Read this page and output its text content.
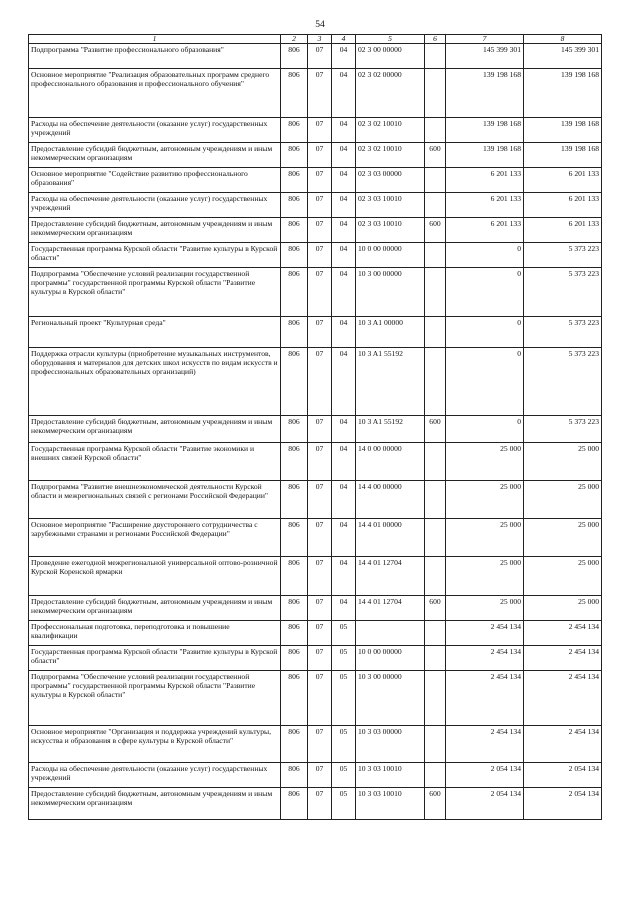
54
1	2	3	4	5	6	7	8
Подпрограмма "Развитие профессионального образования"	806	07	04	02 3 00 00000		145 399 301	145 399 301
Основное мероприятие "Реализация образовательных программ среднего профессионального образования и профессионального обучения"	806	07	04	02 3 02 00000		139 198 168	139 198 168
Расходы на обеспечение деятельности (оказание услуг) государственных учреждений	806	07	04	02 3 02 10010		139 198 168	139 198 168
Предоставление субсидий бюджетным, автономным учреждениям и иным некоммерческим организациям	806	07	04	02 3 02 10010	600	139 198 168	139 198 168
Основное мероприятие "Содействие развитию профессионального образования"	806	07	04	02 3 03 00000		6 201 133	6 201 133
Расходы на обеспечение деятельности (оказание услуг) государственных учреждений	806	07	04	02 3 03 10010		6 201 133	6 201 133
Предоставление субсидий бюджетным, автономным учреждениям и иным некоммерческим организациям	806	07	04	02 3 03 10010	600	6 201 133	6 201 133
Государственная программа Курской области "Развитие культуры в Курской области"	806	07	04	10 0 00 00000		0	5 373 223
Подпрограмма "Обеспечение условий реализации государственной программы" государственной программы Курской области "Развитие культуры в Курской области"	806	07	04	10 3 00 00000		0	5 373 223
Региональный проект "Культурная среда"	806	07	04	10 3 A1 00000		0	5 373 223
Поддержка отрасли культуры (приобретение музыкальных инструментов, оборудования и материалов для детских школ искусств по видам искусств и профессиональных образовательных организаций)	806	07	04	10 3 A1 55192		0	5 373 223
Предоставление субсидий бюджетным, автономным учреждениям и иным некоммерческим организациям	806	07	04	10 3 A1 55192	600	0	5 373 223
Государственная программа Курской области "Развитие экономики и внешних связей Курской области"	806	07	04	14 0 00 00000		25 000	25 000
Подпрограмма "Развитие внешнеэкономической деятельности Курской области и межрегиональных связей с регионами Российской Федерации"	806	07	04	14 4 00 00000		25 000	25 000
Основное мероприятие "Расширение двустороннего сотрудничества с зарубежными странами и регионами Российской Федерации"	806	07	04	14 4 01 00000		25 000	25 000
Проведение ежегодной межрегиональной универсальной оптово-розничной Курской Коренской ярмарки	806	07	04	14 4 01 12704		25 000	25 000
Предоставление субсидий бюджетным, автономным учреждениям и иным некоммерческим организациям	806	07	04	14 4 01 12704	600	25 000	25 000
Профессиональная подготовка, переподготовка и повышение квалификации	806	07	05			2 454 134	2 454 134
Государственная программа Курской области "Развитие культуры в Курской области"	806	07	05	10 0 00 00000		2 454 134	2 454 134
Подпрограмма "Обеспечение условий реализации государственной программы" государственной программы Курской области "Развитие культуры в Курской области"	806	07	05	10 3 00 00000		2 454 134	2 454 134
Основное мероприятие "Организация и поддержка учреждений культуры, искусства и образования в сфере культуры в Курской области"	806	07	05	10 3 03 00000		2 454 134	2 454 134
Расходы на обеспечение деятельности (оказание услуг) государственных учреждений	806	07	05	10 3 03 10010		2 054 134	2 054 134
Предоставление субсидий бюджетным, автономным учреждениям и иным некоммерческим организациям	806	07	05	10 3 03 10010	600	2 054 134	2 054 134
